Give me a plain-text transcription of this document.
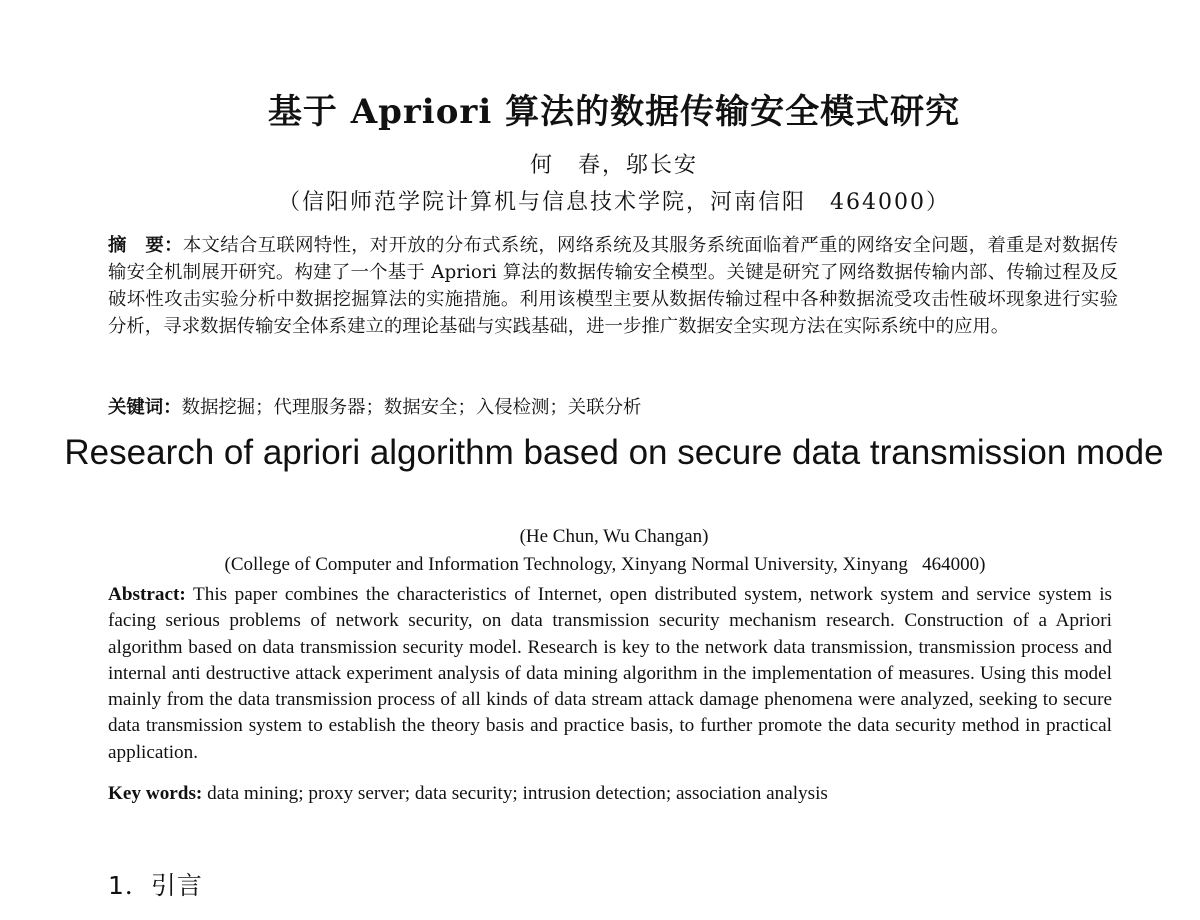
基于 Apriori 算法的数据传输安全模式研究
何　春，邬长安
（信阳师范学院计算机与信息技术学院，河南信阳　464000）
摘　要：本文结合互联网特性，对开放的分布式系统，网络系统及其服务系统面临着严重的网络安全问题，着重是对数据传输安全机制展开研究。构建了一个基于 Apriori 算法的数据传输安全模型。关键是研究了网络数据传输内部、传输过程及反破坏性攻击实验分析中数据挖掘算法的实施措施。利用该模型主要从数据传输过程中各种数据流受攻击性破坏现象进行实验分析，寻求数据传输安全体系建立的理论基础与实践基础，进一步推广数据安全实现方法在实际系统中的应用。
关键词：数据挖掘；代理服务器；数据安全；入侵检测；关联分析
Research of apriori algorithm based on secure data transmission mode
(He Chun, Wu Changan)
(College of Computer and Information Technology, Xinyang Normal University, Xinyang   464000)
Abstract: This paper combines the characteristics of Internet, open distributed system, network system and service system is facing serious problems of network security, on data transmission security mechanism research. Construction of a Apriori algorithm based on data transmission security model. Research is key to the network data transmission, transmission process and internal anti destructive attack experiment analysis of data mining algorithm in the implementation of measures. Using this model mainly from the data transmission process of all kinds of data stream attack damage phenomena were analyzed, seeking to secure data transmission system to establish the theory basis and practice basis, to further promote the data security method in practical application.
Key words: data mining; proxy server; data security; intrusion detection; association analysis
1．引言
